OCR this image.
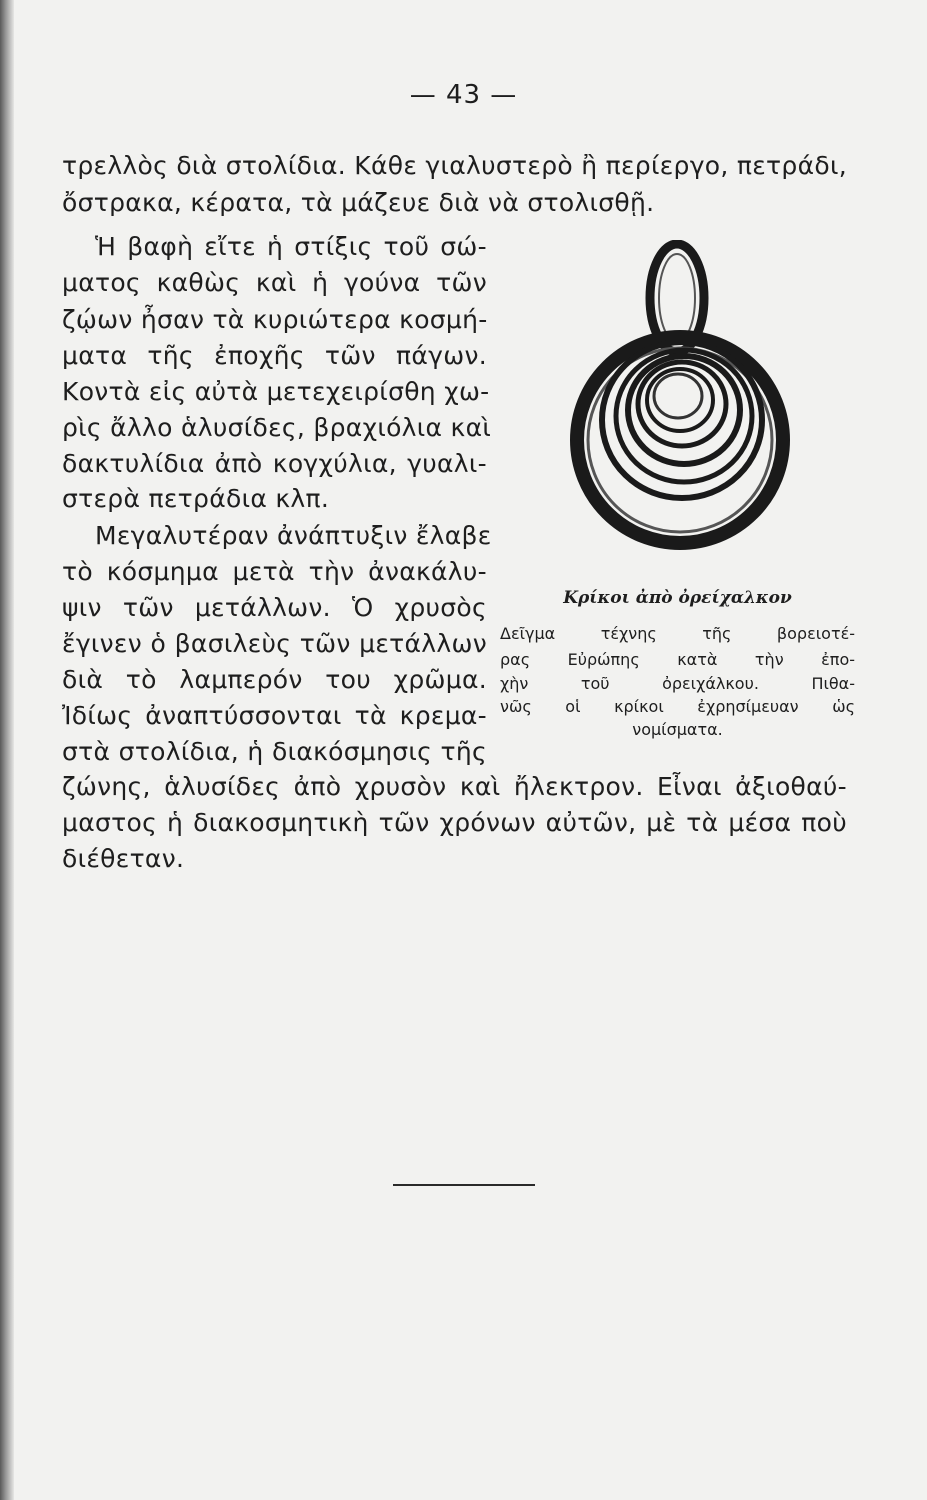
— 43 —
τρελλὸς διὰ στολίδια. Κάθε γιαλυστερὸ ἢ περίεργο, πετράδι,
ὄστρακα, κέρατα, τὰ μάζευε διὰ νὰ στολισθῇ.
Ἡ βαφὴ εἴτε ἡ στίξις τοῦ σώ-
ματος καθὼς καὶ ἡ γούνα τῶν
ζῴων ἦσαν τὰ κυριώτερα κοσμή-
ματα τῆς ἐποχῆς τῶν πάγων.
Κοντὰ εἰς αὐτὰ μετεχειρίσθη χω-
ρὶς ἄλλο ἁλυσίδες, βραχιόλια καὶ
δακτυλίδια ἀπὸ κογχύλια, γυαλι-
στερὰ πετράδια κλπ.
Μεγαλυτέραν ἀνάπτυξιν ἔλαβε
τὸ κόσμημα μετὰ τὴν ἀνακάλυ-
ψιν τῶν μετάλλων. Ὁ χρυσὸς
ἔγινεν ὁ βασιλεὺς τῶν μετάλλων
διὰ τὸ λαμπερόν του χρῶμα.
Ἰδίως ἀναπτύσσονται τὰ κρεμα-
στὰ στολίδια, ἡ διακόσμησις τῆς
ζώνης, ἁλυσίδες ἀπὸ χρυσὸν καὶ ἤλεκτρον. Εἶναι ἀξιοθαύ-
μαστος ἡ διακοσμητικὴ τῶν χρόνων αὐτῶν, μὲ τὰ μέσα ποὺ
διέθεταν.
Κρίκοι ἀπὸ ὀρείχαλκον
Δεῖγμα τέχνης τῆς βορειοτέ-
ρας Εὐρώπης κατὰ τὴν ἐπο-
χὴν τοῦ ὀρειχάλκου. Πιθα-
νῶς οἱ κρίκοι ἐχρησίμευαν ὡς
νομίσματα.
